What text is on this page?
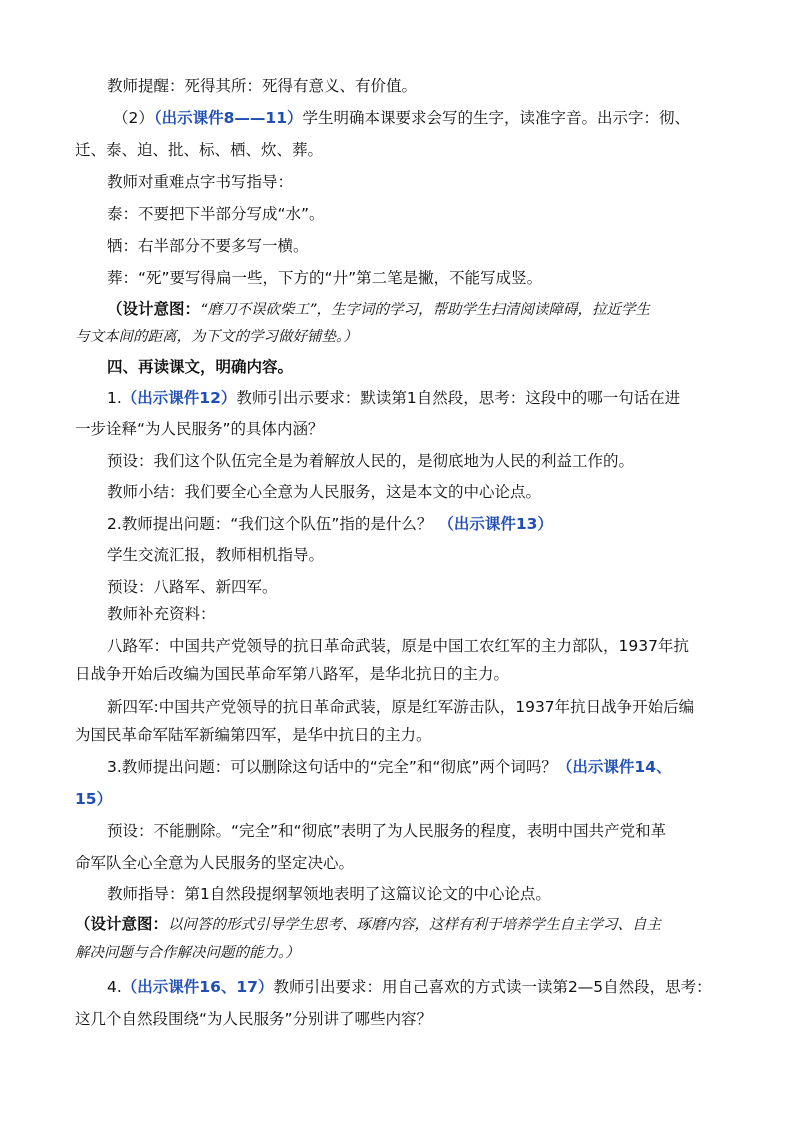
教师提醒：死得其所：死得有意义、有价值。
（2）（出示课件8——11）学生明确本课要求会写的生字，读准字音。出示字：彻、
迁、泰、迫、批、标、栖、炊、葬。
教师对重难点字书写指导：
泰：不要把下半部分写成“水”。
牺：右半部分不要多写一横。
葬：“死”要写得扁一些，下方的“廾”第二笔是撇，不能写成竖。
（设计意图：“磨刀不误砍柴工”，生字词的学习，帮助学生扫清阅读障碍，拉近学生
与文本间的距离，为下文的学习做好铺垫。）
四、再读课文，明确内容。
1.（出示课件12）教师引出示要求：默读第1自然段，思考：这段中的哪一句话在进
一步诠释“为人民服务”的具体内涵？
预设：我们这个队伍完全是为着解放人民的，是彻底地为人民的利益工作的。
教师小结：我们要全心全意为人民服务，这是本文的中心论点。
2.教师提出问题：“我们这个队伍”指的是什么？ （出示课件13）
学生交流汇报，教师相机指导。
预设：八路军、新四军。
教师补充资料：
八路军：中国共产党领导的抗日革命武装，原是中国工农红军的主力部队，1937年抗
日战争开始后改编为国民革命军第八路军，是华北抗日的主力。
新四军:中国共产党领导的抗日革命武装，原是红军游击队，1937年抗日战争开始后编
为国民革命军陆军新编第四军，是华中抗日的主力。
3.教师提出问题：可以删除这句话中的“完全”和“彻底”两个词吗？（出示课件14、
15）
预设：不能删除。“完全”和“彻底”表明了为人民服务的程度，表明中国共产党和革
命军队全心全意为人民服务的坚定决心。
教师指导：第1自然段提纲挈领地表明了这篇议论文的中心论点。
（设计意图：以问答的形式引导学生思考、琢磨内容，这样有利于培养学生自主学习、自主
解决问题与合作解决问题的能力。）
4.（出示课件16、17）教师引出要求：用自己喜欢的方式读一读第2—5自然段，思考：
这几个自然段围绕“为人民服务”分别讲了哪些内容？
